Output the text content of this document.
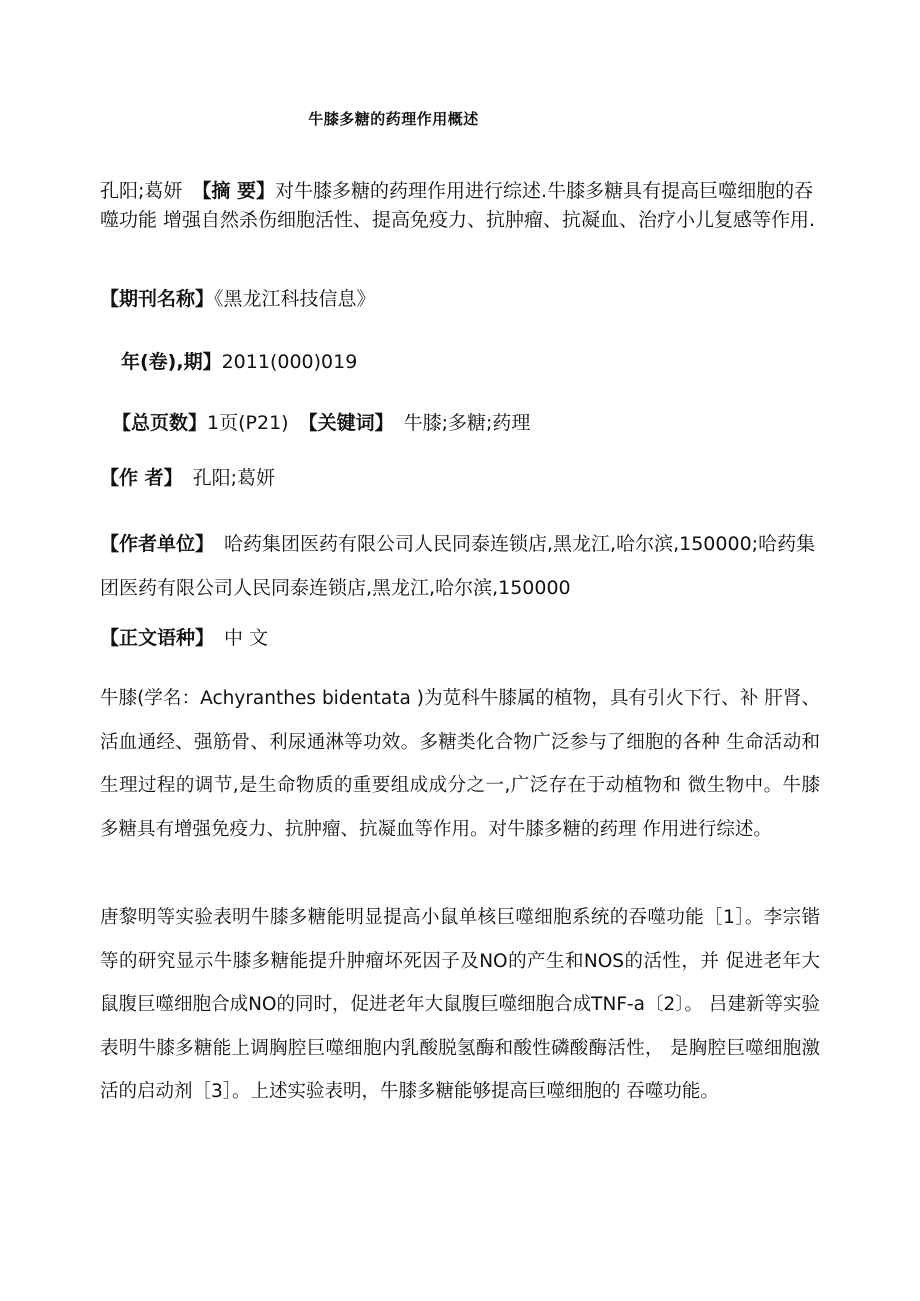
牛膝多糖的药理作用概述
孔阳;葛妍 【摘 要】对牛膝多糖的药理作用进行综述.牛膝多糖具有提高巨噬细胞的吞噬功能 增强自然杀伤细胞活性、提高免疫力、抗肿瘤、抗凝血、治疗小儿复感等作用.
【期刊名称】《黑龙江科技信息》
年(卷),期】2011(000)019
【总页数】1页(P21) 【关键词】 牛膝;多糖;药理
【作 者】 孔阳;葛妍
【作者单位】 哈药集团医药有限公司人民同泰连锁店,黑龙江,哈尔滨,150000;哈药集团医药有限公司人民同泰连锁店,黑龙江,哈尔滨,150000
【正文语种】 中 文
牛膝(学名：Achyranthes bidentata )为苋科牛膝属的植物，具有引火下行、补 肝肾、活血通经、强筋骨、利尿通淋等功效。多糖类化合物广泛参与了细胞的各种 生命活动和生理过程的调节,是生命物质的重要组成成分之一,广泛存在于动植物和 微生物中。牛膝多糖具有增强免疫力、抗肿瘤、抗凝血等作用。对牛膝多糖的药理 作用进行综述。
唐黎明等实验表明牛膝多糖能明显提高小鼠单核巨噬细胞系统的吞噬功能［1］。李宗锴等的研究显示牛膝多糖能提升肿瘤坏死因子及NO的产生和NOS的活性，并 促进老年大鼠腹巨噬细胞合成NO的同时，促进老年大鼠腹巨噬细胞合成TNF-a〔2〕。 吕建新等实验表明牛膝多糖能上调胸腔巨噬细胞内乳酸脱氢酶和酸性磷酸酶活性， 是胸腔巨噬细胞激活的启动剂［3］。上述实验表明，牛膝多糖能够提高巨噬细胞的 吞噬功能。
